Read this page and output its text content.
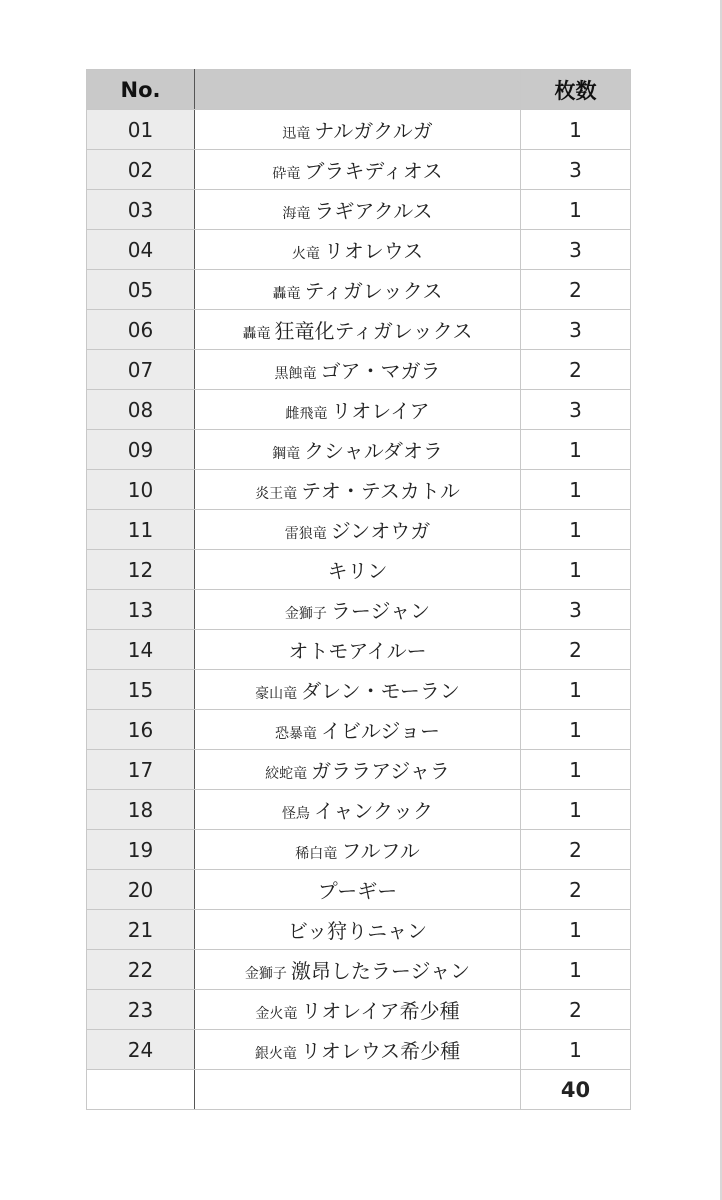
No.		枚数
01	迅竜 ナルガクルガ	1
02	砕竜 ブラキディオス	3
03	海竜 ラギアクルス	1
04	火竜 リオレウス	3
05	轟竜 ティガレックス	2
06	轟竜 狂竜化ティガレックス	3
07	黒蝕竜 ゴア・マガラ	2
08	雌飛竜 リオレイア	3
09	鋼竜 クシャルダオラ	1
10	炎王竜 テオ・テスカトル	1
11	雷狼竜 ジンオウガ	1
12	キリン	1
13	金獅子 ラージャン	3
14	オトモアイルー	2
15	豪山竜 ダレン・モーラン	1
16	恐暴竜 イビルジョー	1
17	絞蛇竜 ガララアジャラ	1
18	怪鳥 イャンクック	1
19	稀白竜 フルフル	2
20	プーギー	2
21	ビッ狩りニャン	1
22	金獅子 激昂したラージャン	1
23	金火竜 リオレイア希少種	2
24	銀火竜 リオレウス希少種	1
		40
